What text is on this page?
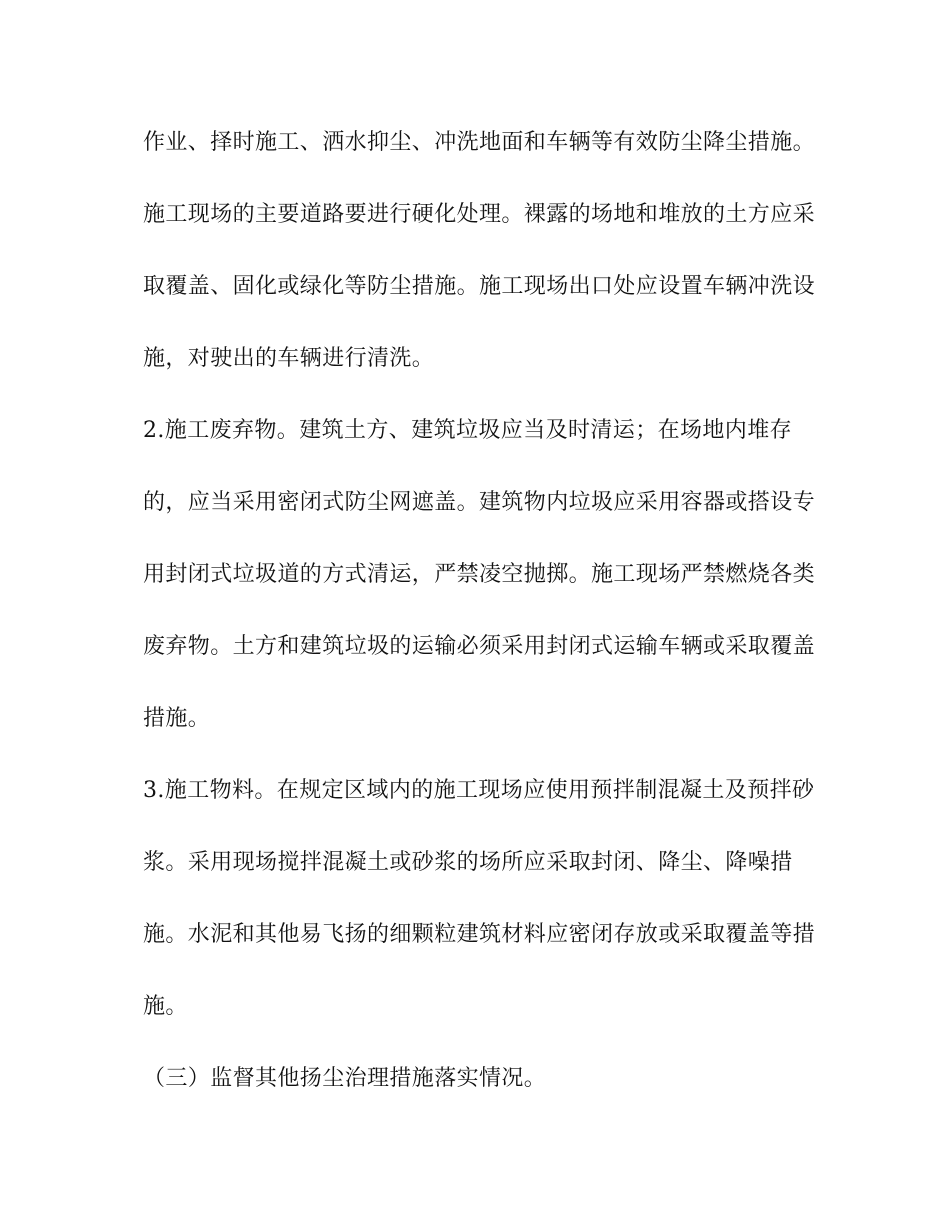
作业、择时施工、洒水抑尘、冲洗地面和车辆等有效防尘降尘措施。

施工现场的主要道路要进行硬化处理。裸露的场地和堆放的土方应采

取覆盖、固化或绿化等防尘措施。施工现场出口处应设置车辆冲洗设

施，对驶出的车辆进行清洗。

2.施工废弃物。建筑土方、建筑垃圾应当及时清运；在场地内堆存

的，应当采用密闭式防尘网遮盖。建筑物内垃圾应采用容器或搭设专

用封闭式垃圾道的方式清运，严禁凌空抛掷。施工现场严禁燃烧各类

废弃物。土方和建筑垃圾的运输必须采用封闭式运输车辆或采取覆盖

措施。

3.施工物料。在规定区域内的施工现场应使用预拌制混凝土及预拌砂

浆。采用现场搅拌混凝土或砂浆的场所应采取封闭、降尘、降噪措

施。水泥和其他易飞扬的细颗粒建筑材料应密闭存放或采取覆盖等措

施。

（三）监督其他扬尘治理措施落实情况。
